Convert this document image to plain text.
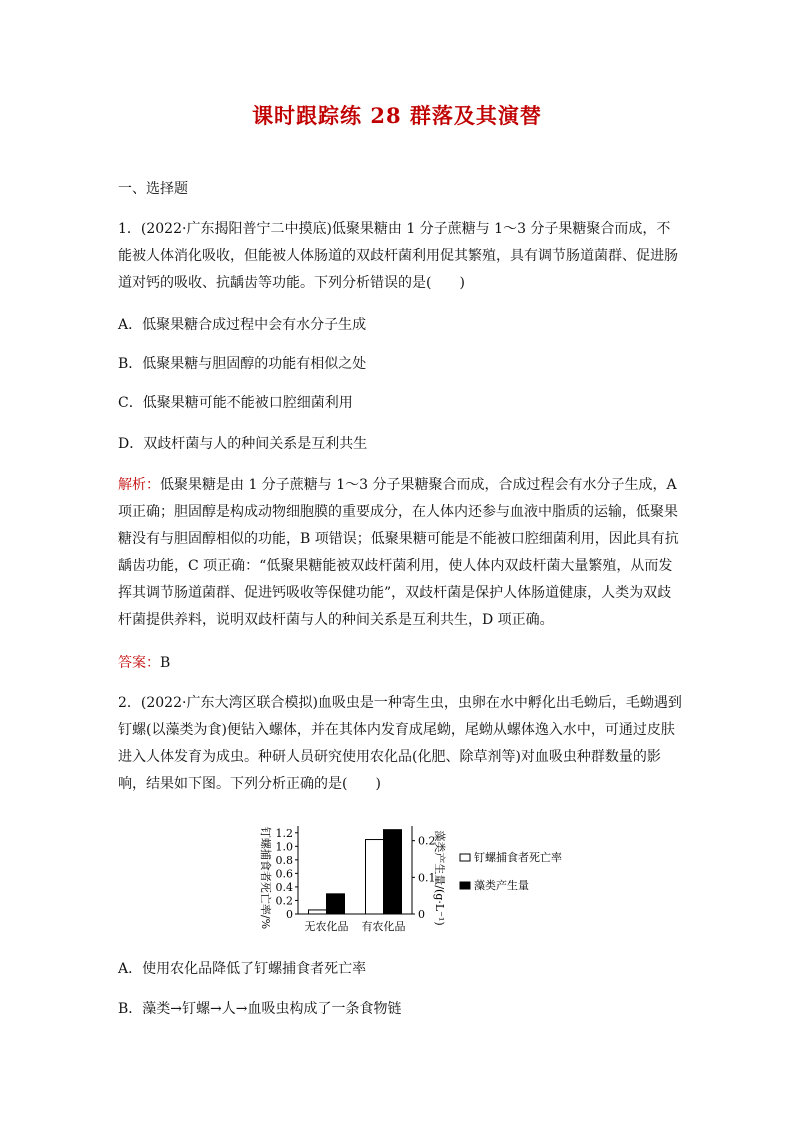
课时跟踪练 28 群落及其演替

一、选择题

1．(2022·广东揭阳普宁二中摸底)低聚果糖由 1 分子蔗糖与 1～3 分子果糖聚合而成，不能被人体消化吸收，但能被人体肠道的双歧杆菌利用促其繁殖，具有调节肠道菌群、促进肠道对钙的吸收、抗龋齿等功能。下列分析错误的是(　　)

A．低聚果糖合成过程中会有水分子生成

B．低聚果糖与胆固醇的功能有相似之处

C．低聚果糖可能不能被口腔细菌利用

D．双歧杆菌与人的种间关系是互利共生

解析：低聚果糖是由 1 分子蔗糖与 1～3 分子果糖聚合而成，合成过程会有水分子生成，A 项正确；胆固醇是构成动物细胞膜的重要成分，在人体内还参与血液中脂质的运输，低聚果糖没有与胆固醇相似的功能，B 项错误；低聚果糖可能是不能被口腔细菌利用，因此具有抗龋齿功能，C 项正确：“低聚果糖能被双歧杆菌利用，使人体内双歧杆菌大量繁殖，从而发挥其调节肠道菌群、促进钙吸收等保健功能”，双歧杆菌是保护人体肠道健康，人类为双歧杆菌提供养料，说明双歧杆菌与人的种间关系是互利共生，D 项正确。

答案：B

2．(2022·广东大湾区联合模拟)血吸虫是一种寄生虫，虫卵在水中孵化出毛蚴后，毛蚴遇到钉螺(以藻类为食)便钻入螺体，并在其体内发育成尾蚴，尾蚴从螺体逸入水中，可通过皮肤进入人体发育为成虫。种研人员研究使用农化品(化肥、除草剂等)对血吸虫种群数量的影响，结果如下图。下列分析正确的是(　　)

钉螺捕食者死亡率/%	藻类产生量/(g·L⁻¹)
0
0.2
0.4
0.6
0.8
1.0
1.2
0
0.1
0.2
无农化品 有农化品
钉螺捕食者死亡率
藻类产生量

A．使用农化品降低了钉螺捕食者死亡率

B．藻类→钉螺→人→血吸虫构成了一条食物链
